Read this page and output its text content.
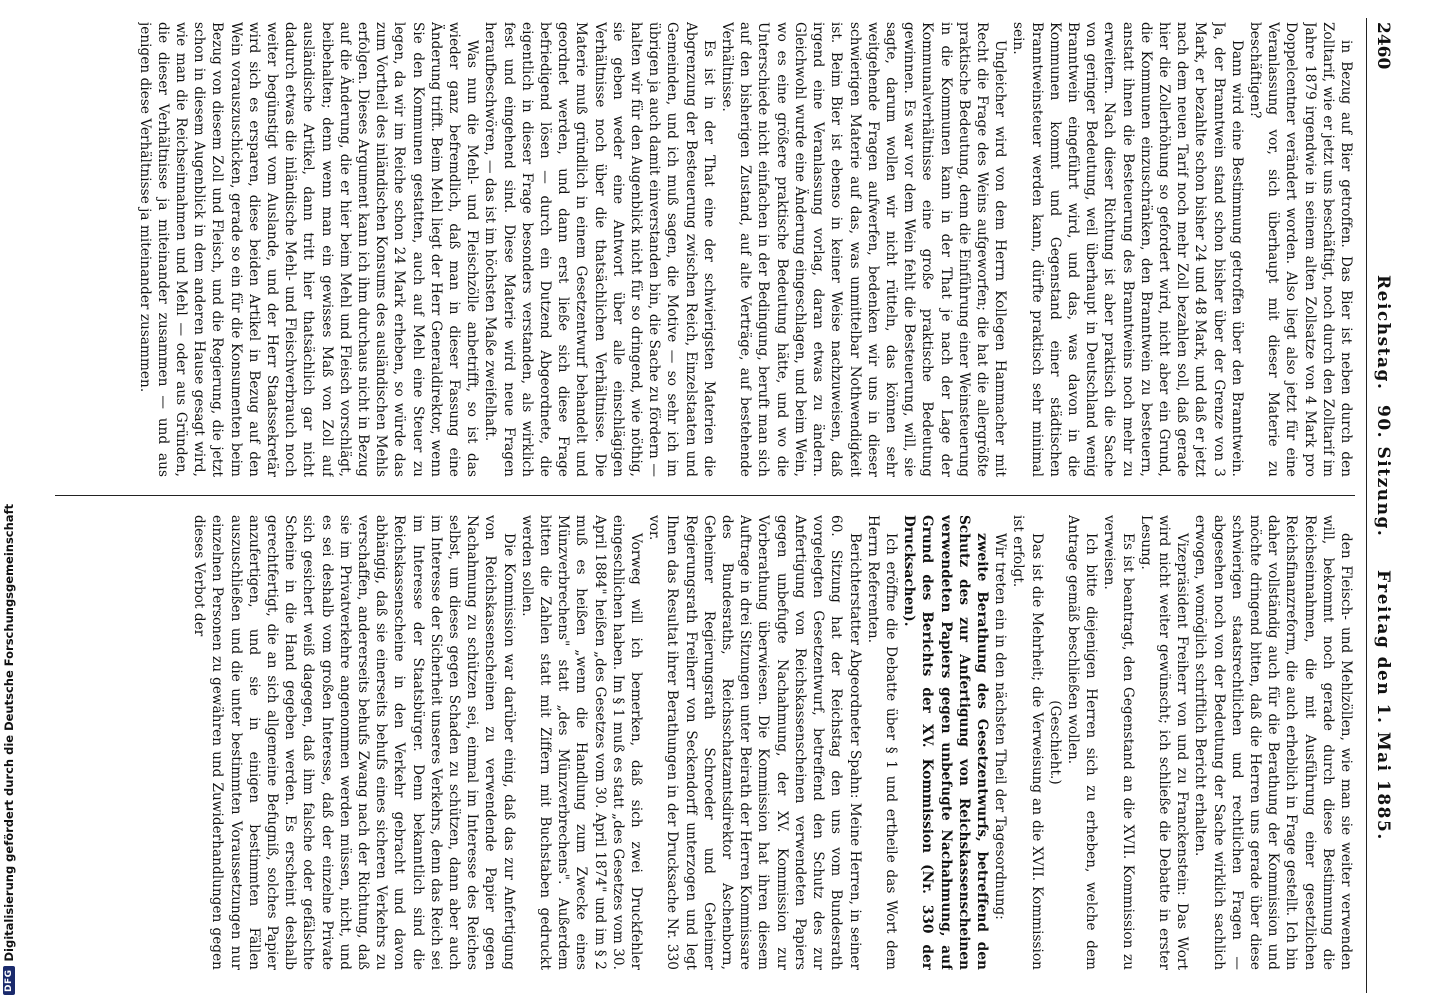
2460
Reichstag.
90. Sitzung.
Freitag den 1. Mai 1885.

in Bezug auf Bier getroffen. Das Bier ist neben durch den Zolltarif, wie er jetzt uns beschäftigt, noch durch den Zolltarif im Jahre 1879 irgendwie in seinem alten Zollsatze von 4 Mark pro Doppelcentner verändert worden. Also liegt also jetzt für eine Veranlassung vor, sich überhaupt mit dieser Materie zu beschäftigen?

Dann wird eine Bestimmung getroffen über den Branntwein. Ja, der Branntwein stand schon bisher über der Grenze von 3 Mark, er bezahlte schon bisher 24 und 48 Mark, und daß er jetzt nach dem neuen Tarif noch mehr Zoll bezahlen soll, daß gerade hier die Zollerhöhung so gefordert wird, nicht aber ein Grund, die Kommunen einzuschränken, den Branntwein zu besteuern, anstatt ihnen die Besteuerung des Branntweins noch mehr zu erweitern. Nach dieser Richtung ist aber praktisch die Sache von geringer Bedeutung, weil überhaupt in Deutschland wenig Branntwein eingeführt wird, und das, was davon in die Kommunen kommt und Gegenstand einer städtischen Branntweinsteuer werden kann, dürfte praktisch sehr minimal sein.

Ungleicher wird von dem Herrn Kollegen Hammacher mit Recht die Frage des Weins aufgeworfen; die hat die allergrößte praktische Bedeutung, denn die Einführung einer Weinsteuerung in die Kommunen kann in der That je nach der Lage der Kommunalverhältnisse eine große praktische Bedeutung gewinnen. Es war vor dem Wein fehlt die Besteuerung, will, sie sagte, darum wollen wir nicht rütteln, das können sehr weitgehende Fragen aufwerfen, bedenken wir uns in dieser schwierigen Materie auf das, was unmittelbar Nothwendigkeit ist. Beim Bier ist ebenso in keiner Weise nachzuweisen, daß irgend eine Veranlassung vorlag, daran etwas zu ändern. Gleichwohl wurde eine Änderung eingeschlagen, und beim Wein, wo es eine größere praktische Bedeutung hätte, und wo die Unterschiede nicht einfachen in der Bedingung, beruft man sich auf den bisherigen Zustand, auf alte Verträge, auf bestehende Verhältnisse.

Es ist in der That eine der schwierigsten Materien die Abgrenzung der Besteuerung zwischen Reich, Einzelstaaten und Gemeinden, und ich muß sagen, die Motive — so sehr ich im übrigen ja auch damit einverstanden bin, die Sache zu fördern — halten wir für den Augenblick nicht für so dringend, wie nöthig, sie geben weder eine Antwort über alle einschlägigen Verhältnisse noch über die thatsächlichen Verhältnisse. Die Materie muß gründlich in einem Gesetzentwurf behandelt und geordnet werden, und dann erst ließe sich diese Frage befriedigend lösen — durch ein Dutzend Abgeordnete, die eigentlich in dieser Frage besonders verstanden, als wirklich fest und eingehend sind. Diese Materie wird neue Fragen heraufbeschwören, — das ist im höchsten Maße zweifelhaft.

Was nun die Mehl- und Fleischzölle anbetrifft, so ist das wieder ganz befremdlich, daß man in dieser Fassung eine Änderung trifft. Beim Mehl liegt der Herr Generaldirektor, wenn Sie den Kommunen gestatten, auch auf Mehl eine Steuer zu legen, da wir im Reiche schon 24 Mark erheben, so würde das zum Vortheil des inländischen Konsums des ausländischen Mehls erfolgen. Dieses Argument kann ich ihm durchaus nicht in Bezug auf die Änderung, die er hier beim Mehl und Fleisch vorschlägt, beibehalten; denn wenn man ein gewisses Maß von Zoll auf ausländische Artikel, dann tritt hier thatsächlich gar nicht dadurch etwas die inländische Mehl- und Fleischverbrauch noch weiter begünstigt vom Auslande, und der Herr Staatssekretär wird sich es ersparen, diese beiden Artikel in Bezug auf den Wein vorauszuschicken, gerade so ein für die Konsumenten beim Bezug von diesem Zoll und Fleisch, und die Regierung, die jetzt schon in diesem Augenblick in dem anderen Hause gesagt wird, wie man die Reichseinnahmen und Mehl — oder aus Gründen, die dieser Verhältnisse ja miteinander zusammen — und aus jenigen diese Verhältnisse ja miteinander zusammen.

den Fleisch- und Mehlzöllen, wie man sie weiter verwenden will, bekommt noch gerade durch diese Bestimmung die Reichseinnahmen, die mit Ausführung einer gesetzlichen Reichsfinanzreform, die auch erheblich in Frage gestellt. Ich bin daher vollständig auch für die Berathung der Kommission und möchte dringend bitten, daß die Herren uns gerade über diese schwierigen staatsrechtlichen und rechtlichen Fragen — abgesehen noch von der Bedeutung der Sache wirklich sachlich erwogen, womöglich schriftlich Bericht erhalten.

Vizepräsident Freiherr von und zu Franckenstein: Das Wort wird nicht weiter gewünscht; ich schließe die Debatte in erster Lesung.

Es ist beantragt, den Gegenstand an die XVII. Kommission zu verweisen.

Ich bitte diejenigen Herren sich zu erheben, welche dem Antrage gemäß beschließen wollen.

(Geschieht.)

Das ist die Mehrheit; die Verweisung an die XVII. Kommission ist erfolgt.

Wir treten ein in den nächsten Theil der Tagesordnung:

zweite Berathung des Gesetzentwurfs, betreffend den Schutz des zur Anfertigung von Reichskassenscheinen verwendeten Papiers gegen unbefugte Nachahmung, auf Grund des Berichts der XV. Kommission (Nr. 330 der Drucksachen).

Ich eröffne die Debatte über § 1 und ertheile das Wort dem Herrn Referenten.

Berichterstatter Abgeordneter Spahn: Meine Herren, in seiner 60. Sitzung hat der Reichstag den uns vom Bundesrath vorgelegten Gesetzentwurf, betreffend den Schutz des zur Anfertigung von Reichskassenscheinen verwendeten Papiers gegen unbefugte Nachahmung, der XV. Kommission zur Vorberathung überwiesen. Die Kommission hat ihren diesem Auftrage in drei Sitzungen unter Beirath der Herren Kommissare des Bundesraths, Reichsschatzamtsdirektor Aschenborn, Geheimer Regierungsrath Schroeder und Geheimer Regierungsrath Freiherr von Seckendorff unterzogen und legt Ihnen das Resultat ihrer Berathungen in der Drucksache Nr. 330 vor.

Vorweg will ich bemerken, daß sich zwei Druckfehler eingeschlichen haben. Im § 1 muß es statt „des Gesetzes vom 30. April 1884" heißen „des Gesetzes vom 30. April 1874" und im § 2 muß es heißen „wenn die Handlung zum Zwecke eines Münzverbrechens" statt „des Münzverbrechens". Außerdem bitten die Zahlen statt mit Ziffern mit Buchstaben gedruckt werden sollen.

Die Kommission war darüber einig, daß das zur Anfertigung von Reichskassenscheinen zu verwendende Papier gegen Nachahmung zu schützen sei, einmal im Interesse des Reiches selbst, um dieses gegen Schaden zu schützen, dann aber auch im Interesse der Sicherheit unseres Verkehrs, denn das Reich sei im Interesse der Staatsbürger. Denn bekanntlich sind die Reichskassenscheine in den Verkehr gebracht und davon abhängig, daß sie einerseits behufs eines sicheren Verkehrs zu verschaffen, andererseits behufs Zwang nach der Richtung, daß sie im Privatverkehre angenommen werden müssen, nicht, und es sei deshalb vom großen Interesse, daß der einzelne Private sich gesichert weiß dagegen, daß ihm falsche oder gefälschte Scheine in die Hand gegeben werden. Es erscheint deshalb gerechtfertigt, die an sich allgemeine Befugniß, solches Papier anzufertigen, und sie in einigen bestimmten Fällen auszuschließen und die unter bestimmten Voraussetzungen nur einzelnen Personen zu gewähren und Zuwiderhandlungen gegen dieses Verbot der

DFG
Digitalisierung gefördert durch die Deutsche Forschungsgemeinschaft
